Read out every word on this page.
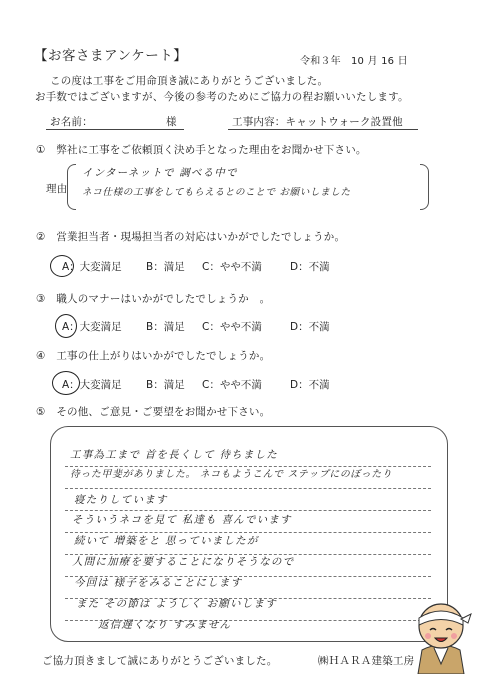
【お客さまアンケート】	令和３年　10 月 16 日
この度は工事をご用命頂き誠にありがとうございました。
お手数ではございますが、今後の参考のためにご協力の程お願いいたします。
お名前：	様	工事内容：キャットウォーク設置他
①　弊社に工事をご依頼頂く決め手となった理由をお聞かせ下さい。
理由
インターネットで 調べる中で
ネコ仕様の工事をしてもらえるとのことで お願いしました
②　営業担当者・現場担当者の対応はいかがでしたでしょうか。
A：大変満足 B：満足 C：やや不満	D：不満
③　職人のマナーはいかがでしたでしょうか　。
A：大変満足 B：満足 C：やや不満	D：不満
④　工事の仕上がりはいかがでしたでしょうか。
A：大変満足 B：満足 C：やや不満	D：不満
⑤　その他、ご意見・ご要望をお聞かせ下さい。
工事為工まで 首を長くして 待ちました
待った甲斐がありました。 ネコもようこんで ステップにのぼったり
寝たりしています
そういうネコを見て 私達も 喜んでいます
続いて 増築をと 思っていましたが
人間に加療を要することになりそうなので
今回は 様子をみることにします
また その節は ようしく お願いします
返信遅くなり すみません
ご協力頂きまして誠にありがとうございました。	㈱ＨＡＲＡ建築工房
